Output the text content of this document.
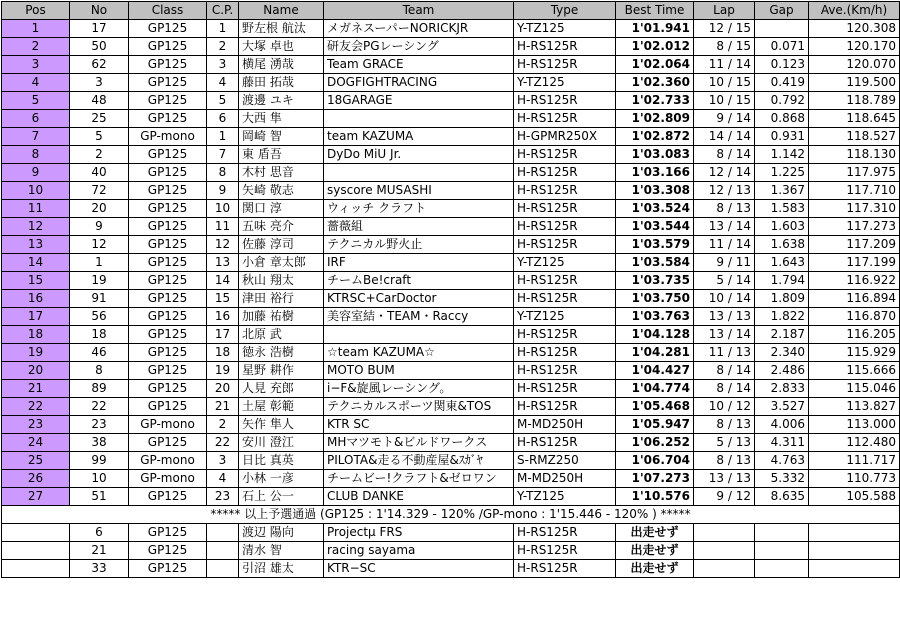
Pos	No	Class	C.P.	Name	Team	Type	Best Time	Lap	Gap	Ave.(Km/h)
1	17	GP125	1	野左根 航汰	メガネスーパーNORICKJR	Y-TZ125	1'01.941	12 / 15		120.308
2	50	GP125	2	大塚 卓也	研友会PGレーシング	H-RS125R	1'02.012	8 / 15	0.071	120.170
3	62	GP125	3	横尾 湧哉	Team GRACE	H-RS125R	1'02.064	11 / 14	0.123	120.070
4	3	GP125	4	藤田 拓哉	DOGFIGHTRACING	Y-TZ125	1'02.360	10 / 15	0.419	119.500
5	48	GP125	5	渡邊 ユキ	18GARAGE	H-RS125R	1'02.733	10 / 15	0.792	118.789
6	25	GP125	6	大西 隼		H-RS125R	1'02.809	9 / 14	0.868	118.645
7	5	GP-mono	1	岡崎 智	team KAZUMA	H-GPMR250X	1'02.872	14 / 14	0.931	118.527
8	2	GP125	7	東 盾吾	DyDo MiU Jr.	H-RS125R	1'03.083	8 / 14	1.142	118.130
9	40	GP125	8	木村 思音		H-RS125R	1'03.166	12 / 14	1.225	117.975
10	72	GP125	9	矢崎 敬志	syscore MUSASHI	H-RS125R	1'03.308	12 / 13	1.367	117.710
11	20	GP125	10	関口 淳	ウィッチ クラフト	H-RS125R	1'03.524	8 / 13	1.583	117.310
12	9	GP125	11	五味 亮介	薔薇組	H-RS125R	1'03.544	13 / 14	1.603	117.273
13	12	GP125	12	佐藤 淳司	テクニカル野火止	H-RS125R	1'03.579	11 / 14	1.638	117.209
14	1	GP125	13	小倉 章太郎	IRF	Y-TZ125	1'03.584	9 / 11	1.643	117.199
15	19	GP125	14	秋山 翔太	チームBe!craft	H-RS125R	1'03.735	5 / 14	1.794	116.922
16	91	GP125	15	津田 裕行	KTRSC+CarDoctor	H-RS125R	1'03.750	10 / 14	1.809	116.894
17	56	GP125	16	加藤 祐樹	美容室結・TEAM・Raccy	Y-TZ125	1'03.763	13 / 13	1.822	116.870
18	18	GP125	17	北原 武		H-RS125R	1'04.128	13 / 14	2.187	116.205
19	46	GP125	18	徳永 浩樹	☆team KAZUMA☆	H-RS125R	1'04.281	11 / 13	2.340	115.929
20	8	GP125	19	星野 耕作	MOTO BUM	H-RS125R	1'04.427	8 / 14	2.486	115.666
21	89	GP125	20	人見 充郎	i−F&旋風レーシング。	H-RS125R	1'04.774	8 / 14	2.833	115.046
22	22	GP125	21	土屋 彰範	テクニカルスポーツ関東&TOS	H-RS125R	1'05.468	10 / 12	3.527	113.827
23	23	GP-mono	2	矢作 隼人	KTR SC	M-MD250H	1'05.947	8 / 13	4.006	113.000
24	38	GP125	22	安川 澄江	MHマツモト&ビルドワークス	H-RS125R	1'06.252	5 / 13	4.311	112.480
25	99	GP-mono	3	日比 真英	PILOTA&走る不動産屋&ｽｶﾞﾔ	S-RMZ250	1'06.704	8 / 13	4.763	111.717
26	10	GP-mono	4	小林 一彦	チームビー!クラフト&ゼロワン	M-MD250H	1'07.273	13 / 13	5.332	110.773
27	51	GP125	23	石上 公一	CLUB DANKE	Y-TZ125	1'10.576	9 / 12	8.635	105.588
***** 以上予選通過 (GP125 : 1'14.329 - 120% /GP-mono : 1'15.446 - 120% ) *****										
	6	GP125		渡辺 陽向	Projectμ FRS	H-RS125R	出走せず			
	21	GP125		清水 智	racing sayama	H-RS125R	出走せず			
	33	GP125		引沼 雄太	KTR−SC	H-RS125R	出走せず			
